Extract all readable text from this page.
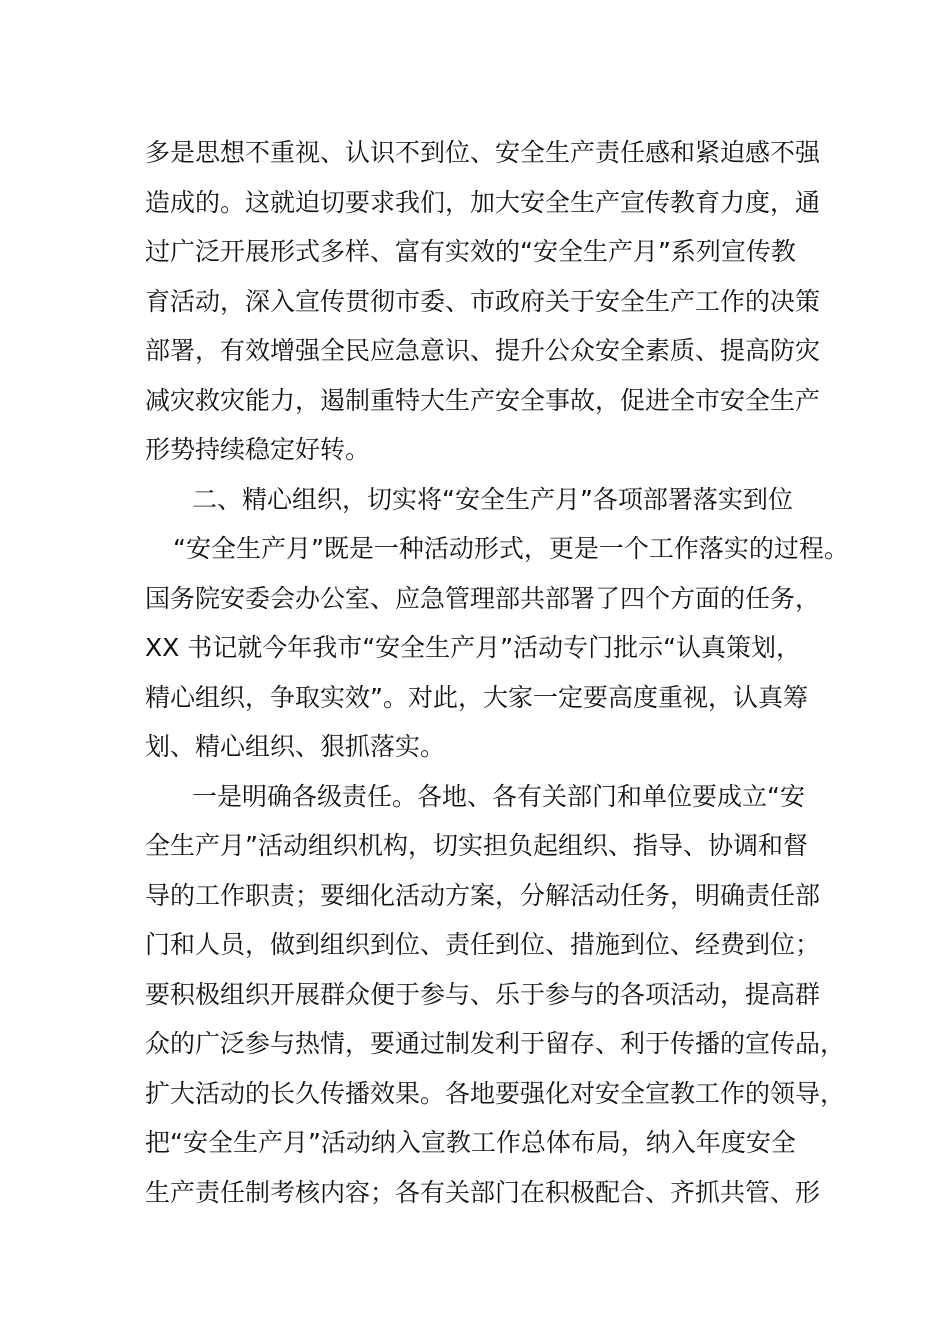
多是思想不重视、认识不到位、安全生产责任感和紧迫感不强
造成的。这就迫切要求我们，加大安全生产宣传教育力度，通
过广泛开展形式多样、富有实效的“安全生产月”系列宣传教
育活动，深入宣传贯彻市委、市政府关于安全生产工作的决策
部署，有效增强全民应急意识、提升公众安全素质、提高防灾
减灾救灾能力，遏制重特大生产安全事故，促进全市安全生产
形势持续稳定好转。
二、精心组织，切实将“安全生产月”各项部署落实到位
“安全生产月”既是一种活动形式，更是一个工作落实的过程。
国务院安委会办公室、应急管理部共部署了四个方面的任务，
XX 书记就今年我市“安全生产月”活动专门批示“认真策划，
精心组织，争取实效”。对此，大家一定要高度重视，认真筹
划、精心组织、狠抓落实。
一是明确各级责任。各地、各有关部门和单位要成立“安
全生产月”活动组织机构，切实担负起组织、指导、协调和督
导的工作职责；要细化活动方案，分解活动任务，明确责任部
门和人员，做到组织到位、责任到位、措施到位、经费到位；
要积极组织开展群众便于参与、乐于参与的各项活动，提高群
众的广泛参与热情，要通过制发利于留存、利于传播的宣传品，
扩大活动的长久传播效果。各地要强化对安全宣教工作的领导，
把“安全生产月”活动纳入宣教工作总体布局，纳入年度安全
生产责任制考核内容；各有关部门在积极配合、齐抓共管、形
